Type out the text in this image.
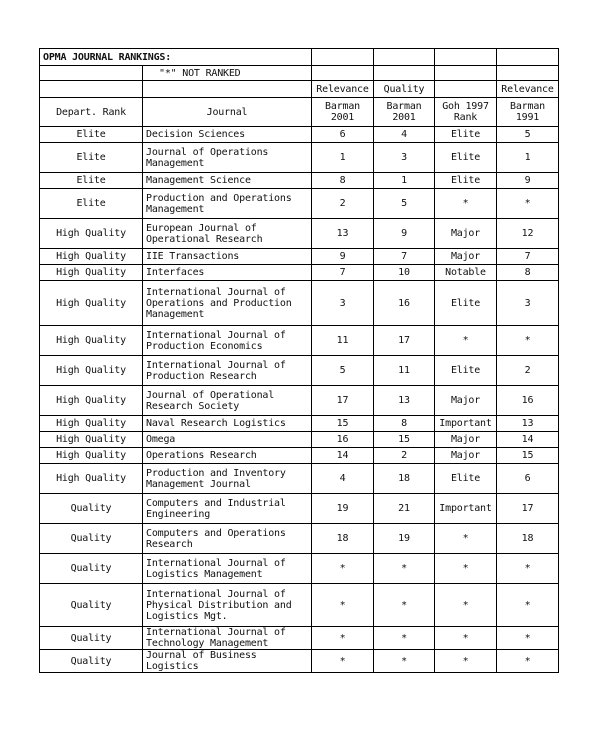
OPMA JOURNAL RANKINGS:					
	"*" NOT RANKED				
		Relevance	Quality		Relevance
Depart. Rank	Journal	Barman 2001	Barman 2001	Goh 1997 Rank	Barman 1991
Elite	Decision Sciences	6	4	Elite	5
Elite	Journal of Operations Management	1	3	Elite	1
Elite	Management Science	8	1	Elite	9
Elite	Production and Operations Management	2	5	*	*
High Quality	European Journal of Operational Research	13	9	Major	12
High Quality	IIE Transactions	9	7	Major	7
High Quality	Interfaces	7	10	Notable	8
High Quality	International Journal of Operations and Production Management	3	16	Elite	3
High Quality	International Journal of Production Economics	11	17	*	*
High Quality	International Journal of Production Research	5	11	Elite	2
High Quality	Journal of Operational Research Society	17	13	Major	16
High Quality	Naval Research Logistics	15	8	Important	13
High Quality	Omega	16	15	Major	14
High Quality	Operations Research	14	2	Major	15
High Quality	Production and Inventory Management Journal	4	18	Elite	6
Quality	Computers and Industrial Engineering	19	21	Important	17
Quality	Computers and Operations Research	18	19	*	18
Quality	International Journal of Logistics Management	*	*	*	*
Quality	International Journal of Physical Distribution and Logistics Mgt.	*	*	*	*
Quality	International Journal of Technology Management	*	*	*	*
Quality	Journal of Business Logistics	*	*	*	*
